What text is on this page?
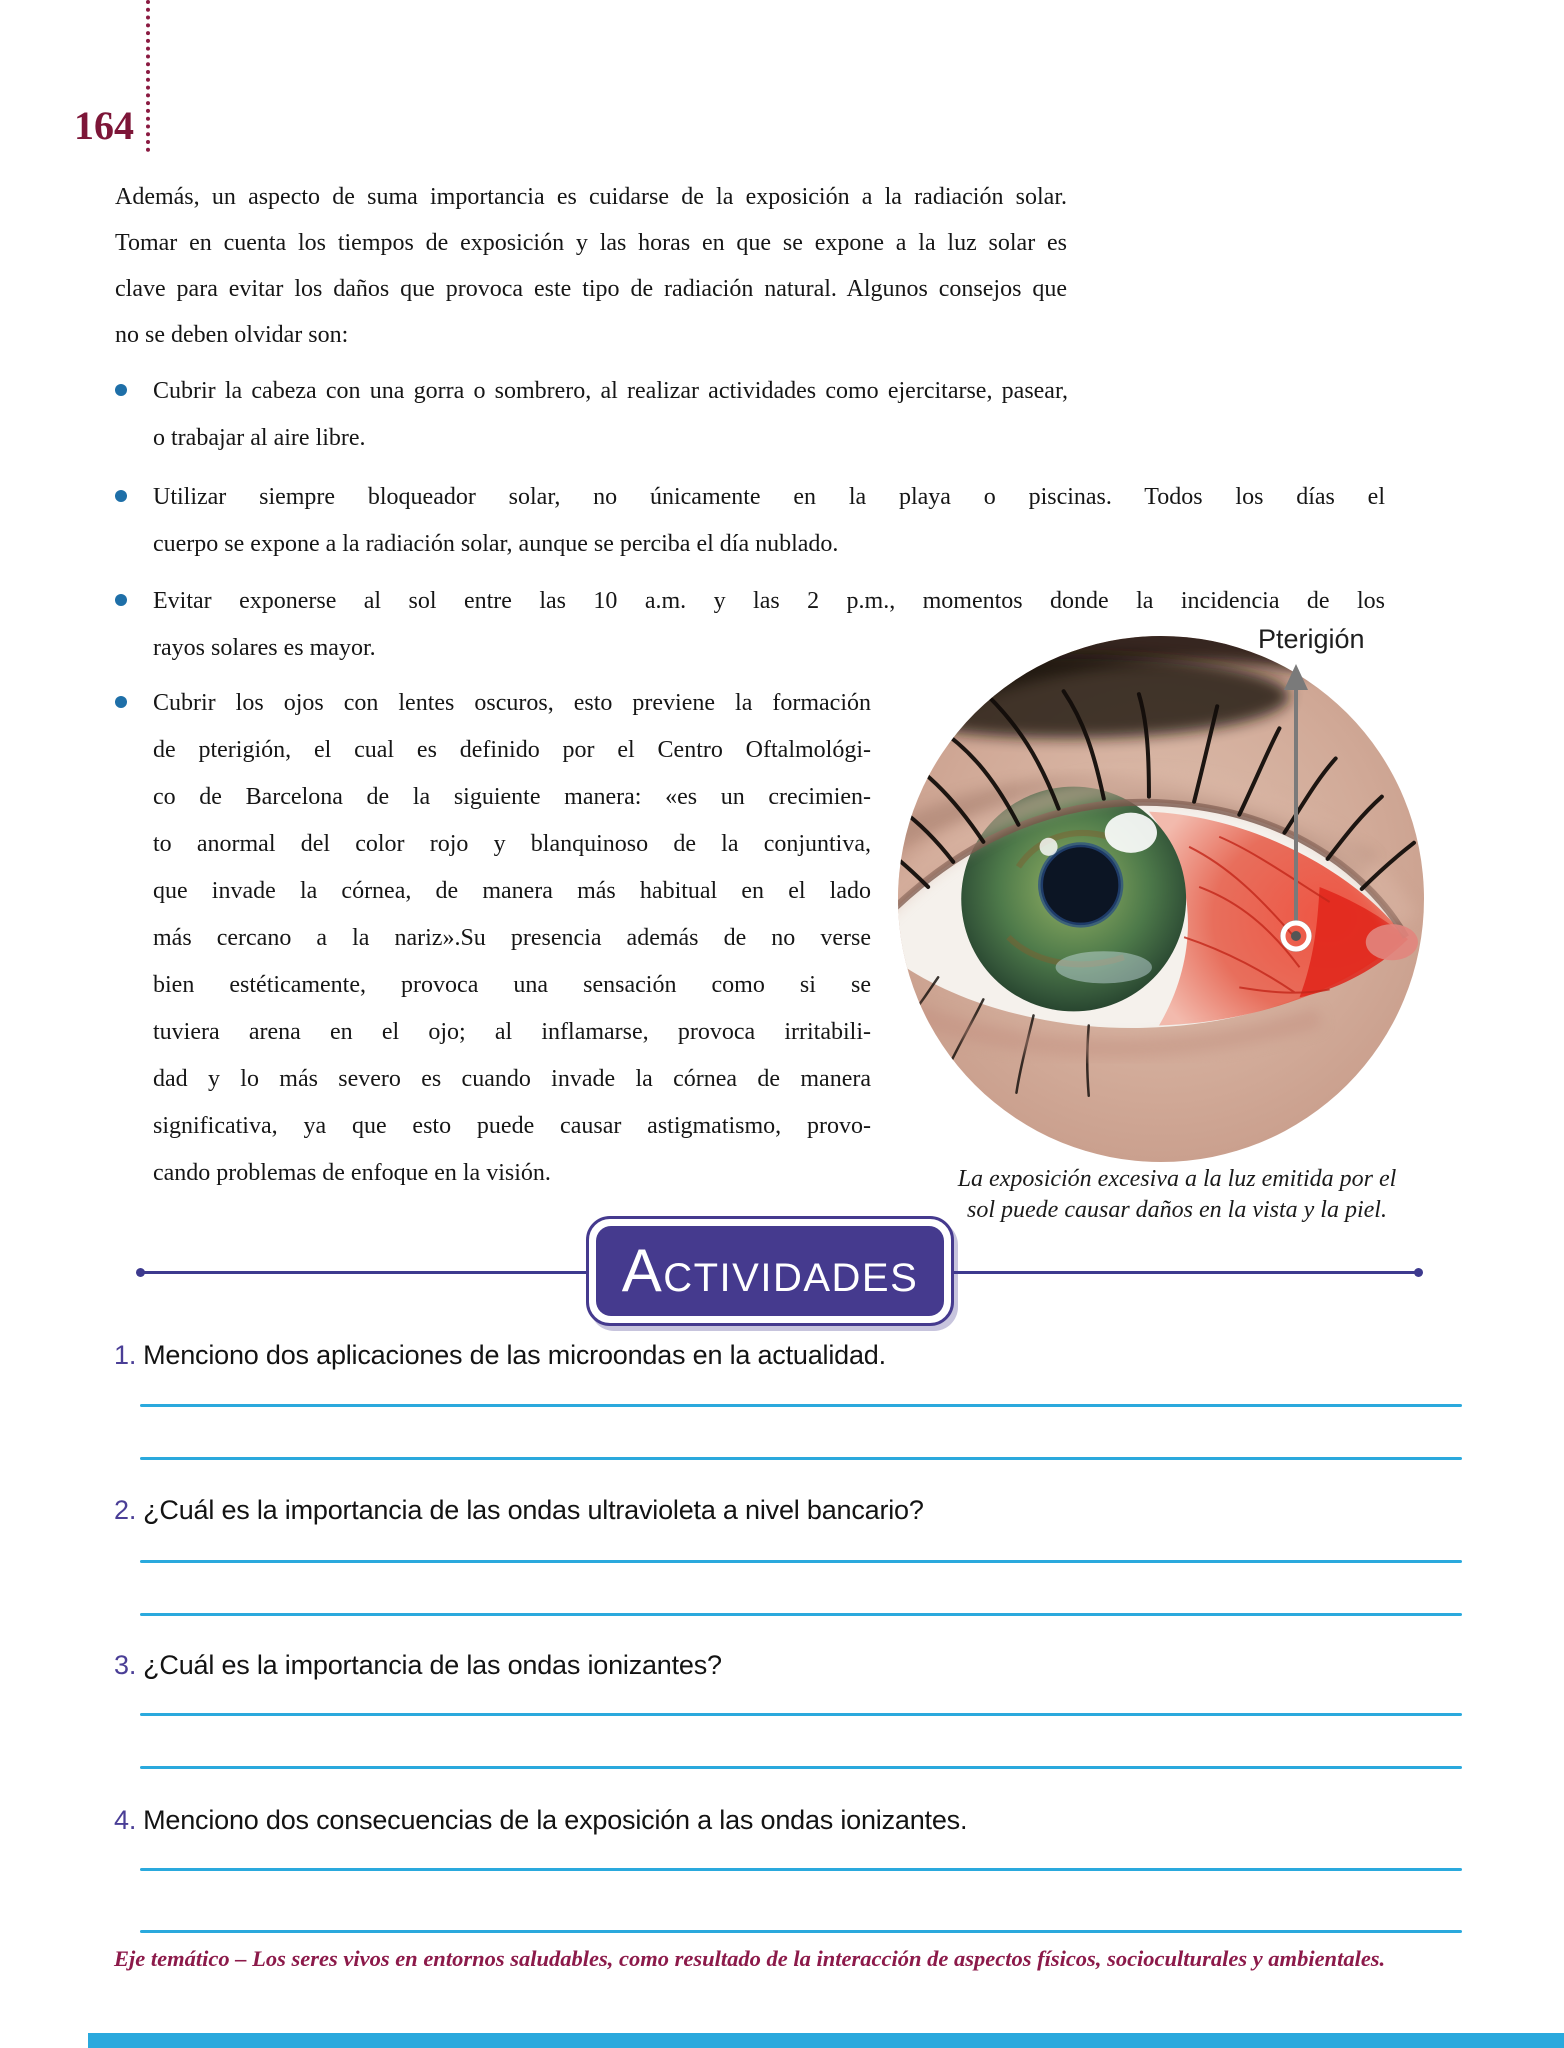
164
Además, un aspecto de suma importancia es cuidarse de la exposición a la radiación solar.
Tomar en cuenta los tiempos de exposición y las horas en que se expone a la luz solar es
clave para evitar los daños que provoca este tipo de radiación natural. Algunos consejos que
no se deben olvidar son:
Cubrir la cabeza con una gorra o sombrero, al realizar actividades como ejercitarse, pasear,
o trabajar al aire libre.
Utilizar siempre bloqueador solar, no únicamente en la playa o piscinas. Todos los días el
cuerpo se expone a la radiación solar, aunque se perciba el día nublado.
Evitar exponerse al sol entre las 10 a.m. y las 2 p.m., momentos donde la incidencia de los
rayos solares es mayor.
Cubrir los ojos con lentes oscuros, esto previene la formación
de pterigión, el cual es definido por el Centro Oftalmológi-
co de Barcelona de la siguiente manera: «es un crecimien-
to anormal del color rojo y blanquinoso de la conjuntiva,
que invade la córnea, de manera más habitual en el lado
más cercano a la nariz».Su presencia además de no verse
bien estéticamente, provoca una sensación como si se
tuviera arena en el ojo; al inflamarse, provoca irritabili-
dad y lo más severo es cuando invade la córnea de manera
significativa, ya que esto puede causar astigmatismo, provo-
cando problemas de enfoque en la visión.
Pterigión
La exposición excesiva a la luz emitida por el
sol puede causar daños en la vista y la piel.
ACTIVIDADES
1. Menciono dos aplicaciones de las microondas en la actualidad.
2. ¿Cuál es la importancia de las ondas ultravioleta a nivel bancario?
3. ¿Cuál es la importancia de las ondas ionizantes?
4. Menciono dos consecuencias de la exposición a las ondas ionizantes.
Eje temático – Los seres vivos en entornos saludables, como resultado de la interacción de aspectos físicos, socioculturales y ambientales.
